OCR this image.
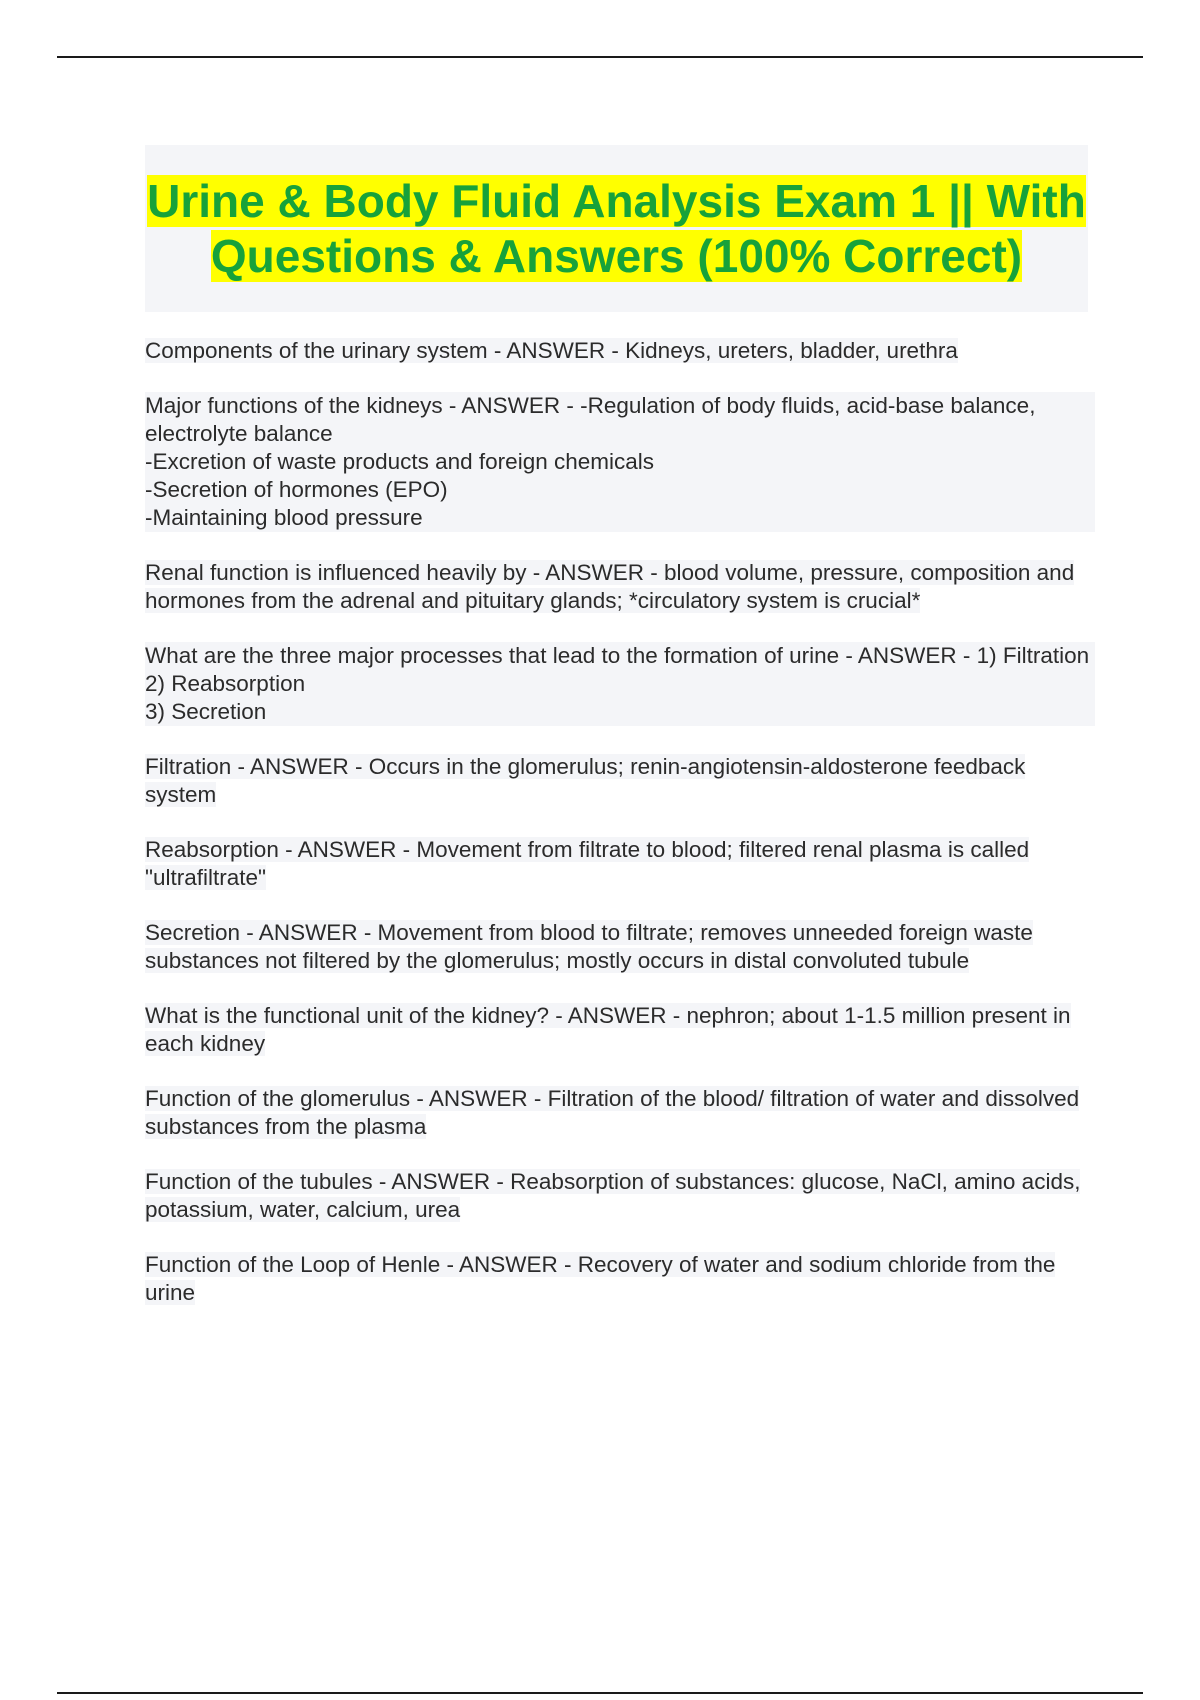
Urine & Body Fluid Analysis Exam 1 || With Questions & Answers (100% Correct)

Components of the urinary system - ANSWER - Kidneys, ureters, bladder, urethra

Major functions of the kidneys - ANSWER - -Regulation of body fluids, acid-base balance, electrolyte balance
-Excretion of waste products and foreign chemicals
-Secretion of hormones (EPO)
-Maintaining blood pressure

Renal function is influenced heavily by - ANSWER - blood volume, pressure, composition and hormones from the adrenal and pituitary glands; *circulatory system is crucial*

What are the three major processes that lead to the formation of urine - ANSWER - 1) Filtration
2) Reabsorption
3) Secretion

Filtration - ANSWER - Occurs in the glomerulus; renin-angiotensin-aldosterone feedback system

Reabsorption - ANSWER - Movement from filtrate to blood; filtered renal plasma is called "ultrafiltrate"

Secretion - ANSWER - Movement from blood to filtrate; removes unneeded foreign waste substances not filtered by the glomerulus; mostly occurs in distal convoluted tubule

What is the functional unit of the kidney? - ANSWER - nephron; about 1-1.5 million present in each kidney

Function of the glomerulus - ANSWER - Filtration of the blood/ filtration of water and dissolved substances from the plasma

Function of the tubules - ANSWER - Reabsorption of substances: glucose, NaCl, amino acids, potassium, water, calcium, urea

Function of the Loop of Henle - ANSWER - Recovery of water and sodium chloride from the urine
